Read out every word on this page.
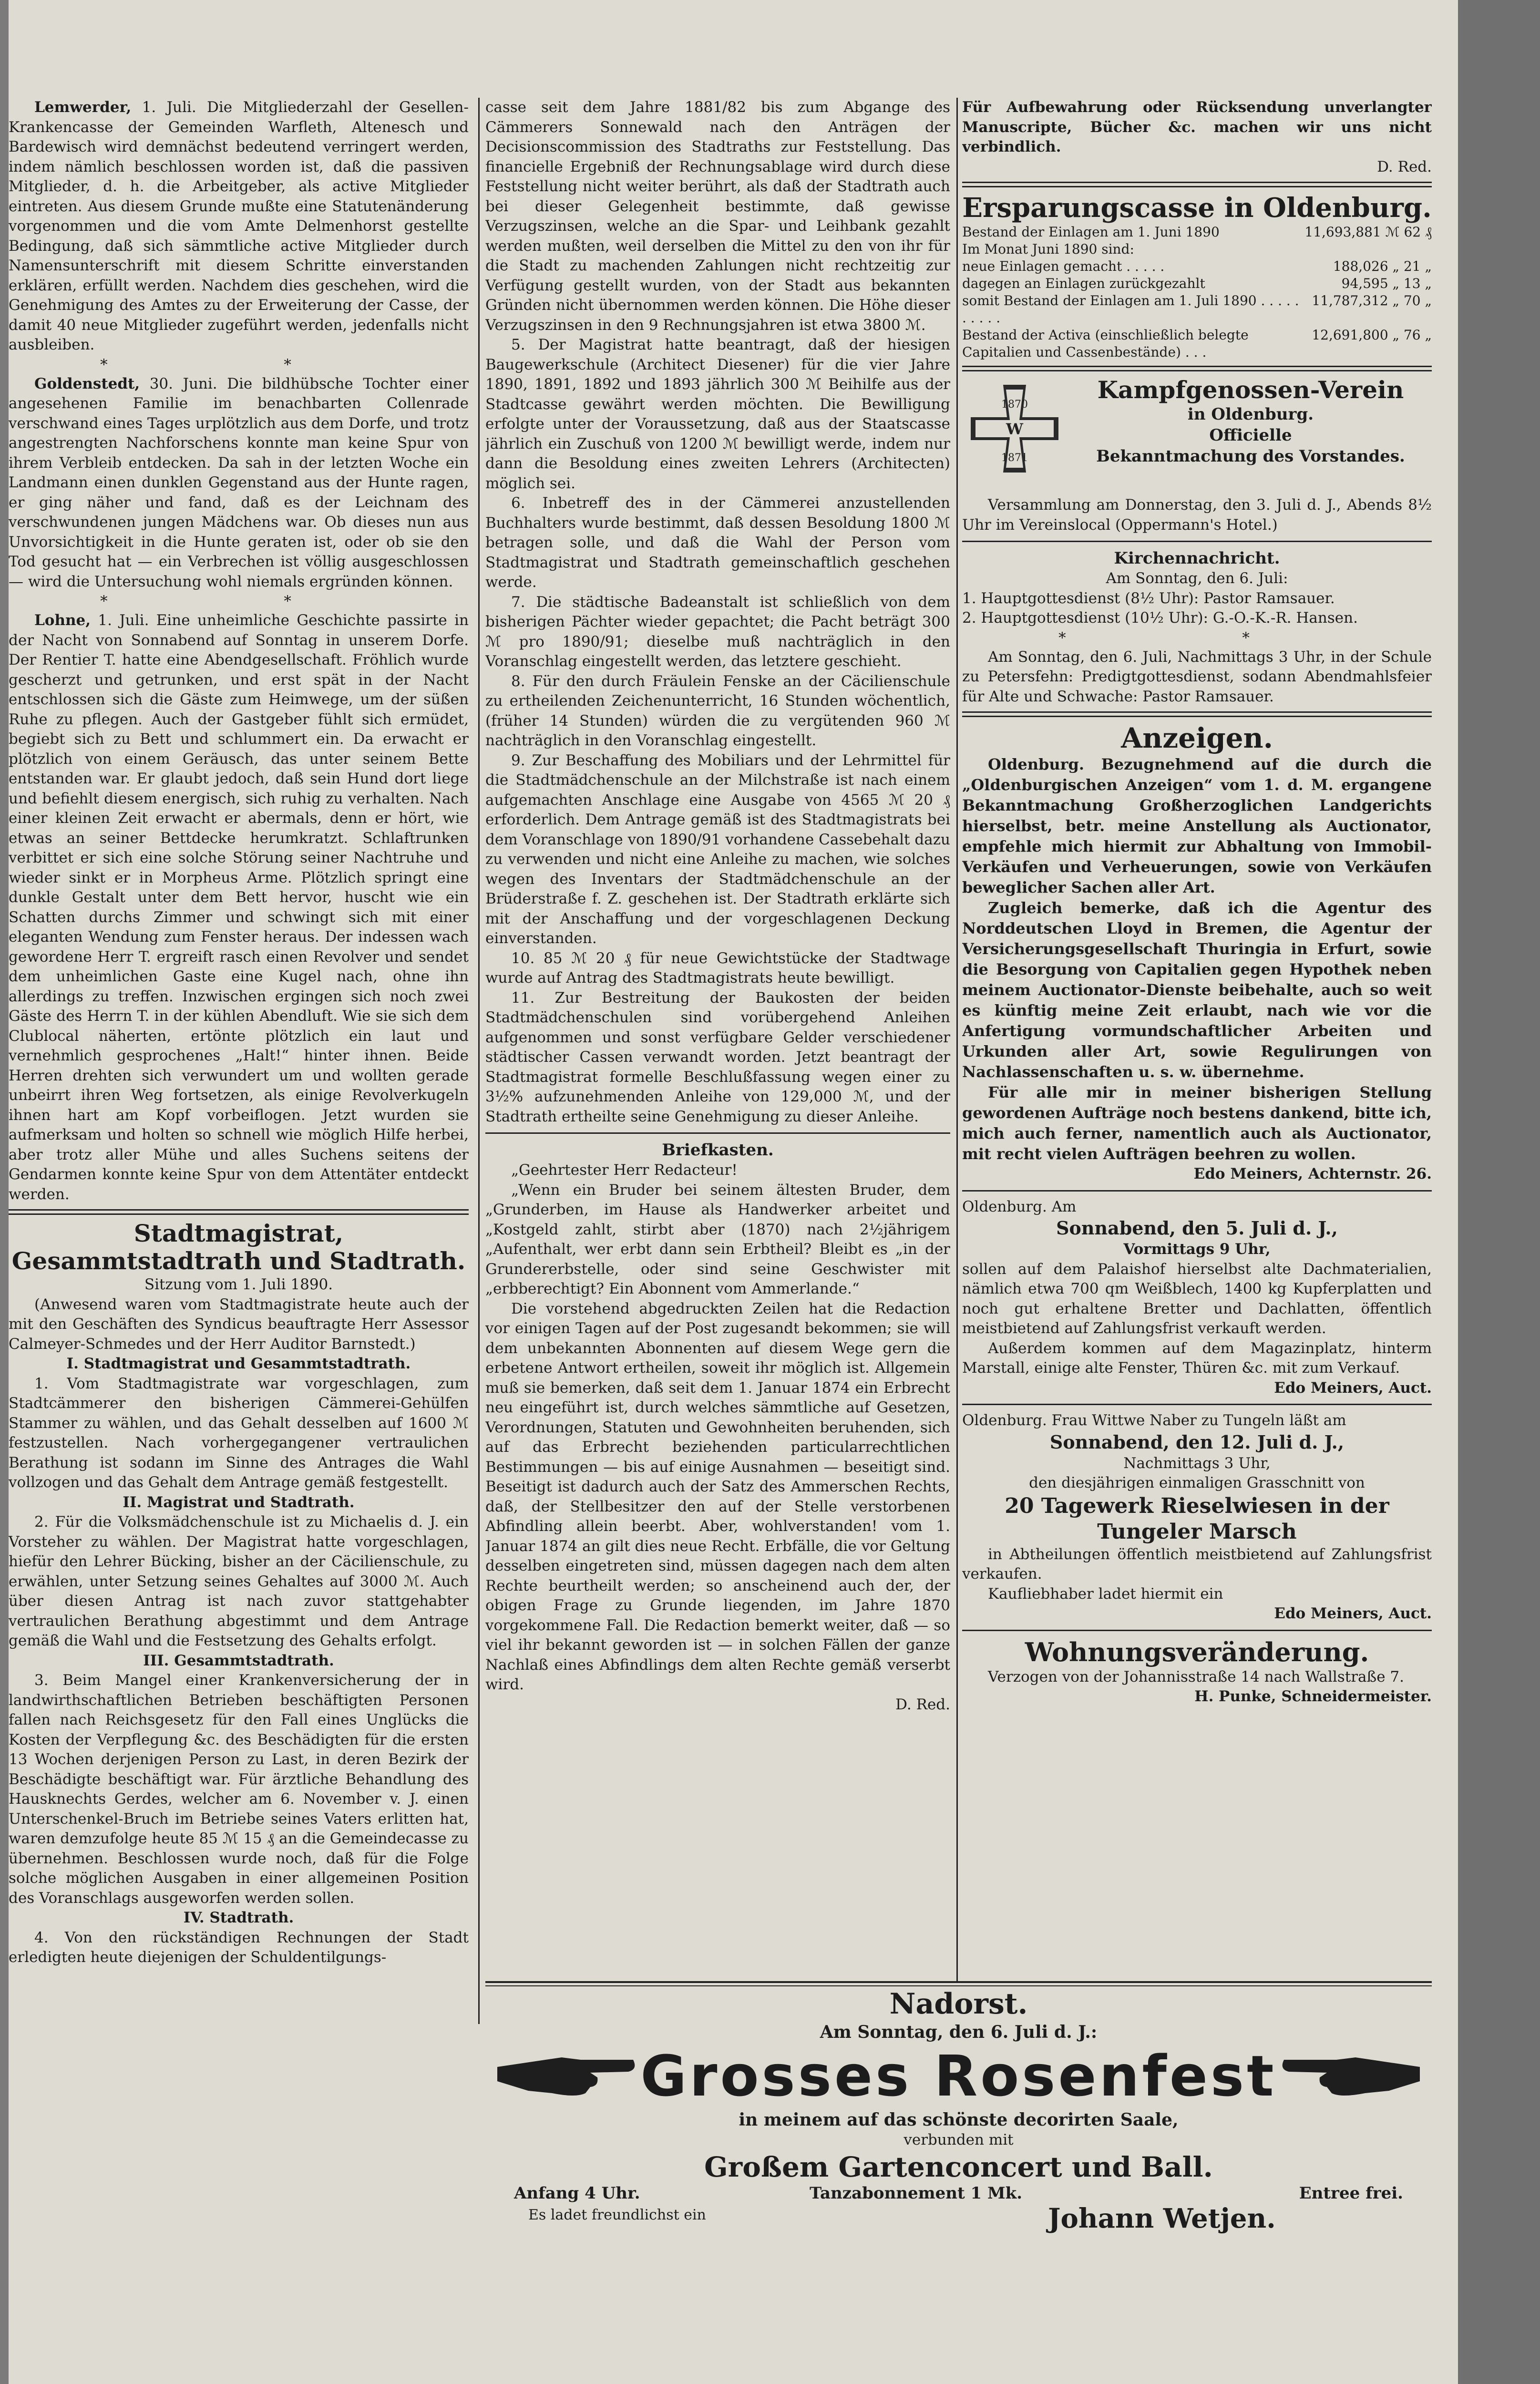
Lemwerder, 1. Juli. Die Mitgliederzahl der Gesellen-Krankencasse der Gemeinden Warfleth, Altenesch und Bardewisch wird demnächst bedeutend verringert werden, indem nämlich beschlossen worden ist, daß die passiven Mitglieder, d. h. die Arbeitgeber, als active Mitglieder eintreten. Aus diesem Grunde mußte eine Statutenänderung vorgenommen und die vom Amte Delmenhorst gestellte Bedingung, daß sich sämmtliche active Mitglieder durch Namensunterschrift mit diesem Schritte einverstanden erklären, erfüllt werden. Nachdem dies geschehen, wird die Genehmigung des Amtes zu der Erweiterung der Casse, der damit 40 neue Mitglieder zugeführt werden, jedenfalls nicht ausbleiben.

* *

Goldenstedt, 30. Juni. Die bildhübsche Tochter einer angesehenen Familie im benachbarten Collenrade verschwand eines Tages urplötzlich aus dem Dorfe, und trotz angestrengten Nachforschens konnte man keine Spur von ihrem Verbleib entdecken. Da sah in der letzten Woche ein Landmann einen dunklen Gegenstand aus der Hunte ragen, er ging näher und fand, daß es der Leichnam des verschwundenen jungen Mädchens war. Ob dieses nun aus Unvorsichtigkeit in die Hunte geraten ist, oder ob sie den Tod gesucht hat — ein Verbrechen ist völlig ausgeschlossen — wird die Untersuchung wohl niemals ergründen können.

* *

Lohne, 1. Juli. Eine unheimliche Geschichte passirte in der Nacht von Sonnabend auf Sonntag in unserem Dorfe. Der Rentier T. hatte eine Abendgesellschaft. Fröhlich wurde gescherzt und getrunken, und erst spät in der Nacht entschlossen sich die Gäste zum Heimwege, um der süßen Ruhe zu pflegen. Auch der Gastgeber fühlt sich ermüdet, begiebt sich zu Bett und schlummert ein. Da erwacht er plötzlich von einem Geräusch, das unter seinem Bette entstanden war. Er glaubt jedoch, daß sein Hund dort liege und befiehlt diesem energisch, sich ruhig zu verhalten. Nach einer kleinen Zeit erwacht er abermals, denn er hört, wie etwas an seiner Bettdecke herumkratzt. Schlaftrunken verbittet er sich eine solche Störung seiner Nachtruhe und wieder sinkt er in Morpheus Arme. Plötzlich springt eine dunkle Gestalt unter dem Bett hervor, huscht wie ein Schatten durchs Zimmer und schwingt sich mit einer eleganten Wendung zum Fenster heraus. Der indessen wach gewordene Herr T. ergreift rasch einen Revolver und sendet dem unheimlichen Gaste eine Kugel nach, ohne ihn allerdings zu treffen. Inzwischen ergingen sich noch zwei Gäste des Herrn T. in der kühlen Abendluft. Wie sie sich dem Clublocal näherten, ertönte plötzlich ein laut und vernehmlich gesprochenes „Halt!“ hinter ihnen. Beide Herren drehten sich verwundert um und wollten gerade unbeirrt ihren Weg fortsetzen, als einige Revolverkugeln ihnen hart am Kopf vorbeiflogen. Jetzt wurden sie aufmerksam und holten so schnell wie möglich Hilfe herbei, aber trotz aller Mühe und alles Suchens seitens der Gendarmen konnte keine Spur von dem Attentäter entdeckt werden.

Stadtmagistrat, Gesammtstadtrath und Stadtrath.

Sitzung vom 1. Juli 1890.

(Anwesend waren vom Stadtmagistrate heute auch der mit den Geschäften des Syndicus beauftragte Herr Assessor Calmeyer-Schmedes und der Herr Auditor Barnstedt.)

I. Stadtmagistrat und Gesammtstadtrath.

1. Vom Stadtmagistrate war vorgeschlagen, zum Stadtcämmerer den bisherigen Cämmerei-Gehülfen Stammer zu wählen, und das Gehalt desselben auf 1600 ℳ festzustellen. Nach vorhergegangener vertraulichen Berathung ist sodann im Sinne des Antrages die Wahl vollzogen und das Gehalt dem Antrage gemäß festgestellt.

II. Magistrat und Stadtrath.

2. Für die Volksmädchenschule ist zu Michaelis d. J. ein Vorsteher zu wählen. Der Magistrat hatte vorgeschlagen, hiefür den Lehrer Bücking, bisher an der Cäcilienschule, zu erwählen, unter Setzung seines Gehaltes auf 3000 ℳ. Auch über diesen Antrag ist nach zuvor stattgehabter vertraulichen Berathung abgestimmt und dem Antrage gemäß die Wahl und die Festsetzung des Gehalts erfolgt.

III. Gesammtstadtrath.

3. Beim Mangel einer Krankenversicherung der in landwirthschaftlichen Betrieben beschäftigten Personen fallen nach Reichsgesetz für den Fall eines Unglücks die Kosten der Verpflegung &c. des Beschädigten für die ersten 13 Wochen derjenigen Person zu Last, in deren Bezirk der Beschädigte beschäftigt war. Für ärztliche Behandlung des Hausknechts Gerdes, welcher am 6. November v. J. einen Unterschenkel-Bruch im Betriebe seines Vaters erlitten hat, waren demzufolge heute 85 ℳ 15 ₰ an die Gemeindecasse zu übernehmen. Beschlossen wurde noch, daß für die Folge solche möglichen Ausgaben in einer allgemeinen Position des Voranschlags ausgeworfen werden sollen.

IV. Stadtrath.

4. Von den rückständigen Rechnungen der Stadt erledigten heute diejenigen der Schuldentilgungs-

casse seit dem Jahre 1881/82 bis zum Abgange des Cämmerers Sonnewald nach den Anträgen der Decisionscommission des Stadtraths zur Feststellung. Das financielle Ergebniß der Rechnungsablage wird durch diese Feststellung nicht weiter berührt, als daß der Stadtrath auch bei dieser Gelegenheit bestimmte, daß gewisse Verzugszinsen, welche an die Spar- und Leihbank gezahlt werden mußten, weil derselben die Mittel zu den von ihr für die Stadt zu machenden Zahlungen nicht rechtzeitig zur Verfügung gestellt wurden, von der Stadt aus bekannten Gründen nicht übernommen werden können. Die Höhe dieser Verzugszinsen in den 9 Rechnungsjahren ist etwa 3800 ℳ.

5. Der Magistrat hatte beantragt, daß der hiesigen Baugewerkschule (Architect Diesener) für die vier Jahre 1890, 1891, 1892 und 1893 jährlich 300 ℳ Beihilfe aus der Stadtcasse gewährt werden möchten. Die Bewilligung erfolgte unter der Voraussetzung, daß aus der Staatscasse jährlich ein Zuschuß von 1200 ℳ bewilligt werde, indem nur dann die Besoldung eines zweiten Lehrers (Architecten) möglich sei.

6. Inbetreff des in der Cämmerei anzustellenden Buchhalters wurde bestimmt, daß dessen Besoldung 1800 ℳ betragen solle, und daß die Wahl der Person vom Stadtmagistrat und Stadtrath gemeinschaftlich geschehen werde.

7. Die städtische Badeanstalt ist schließlich von dem bisherigen Pächter wieder gepachtet; die Pacht beträgt 300 ℳ pro 1890/91; dieselbe muß nachträglich in den Voranschlag eingestellt werden, das letztere geschieht.

8. Für den durch Fräulein Fenske an der Cäcilienschule zu ertheilenden Zeichenunterricht, 16 Stunden wöchentlich, (früher 14 Stunden) würden die zu vergütenden 960 ℳ nachträglich in den Voranschlag eingestellt.

9. Zur Beschaffung des Mobiliars und der Lehrmittel für die Stadtmädchenschule an der Milchstraße ist nach einem aufgemachten Anschlage eine Ausgabe von 4565 ℳ 20 ₰ erforderlich. Dem Antrage gemäß ist des Stadtmagistrats bei dem Voranschlage von 1890/91 vorhandene Cassebehalt dazu zu verwenden und nicht eine Anleihe zu machen, wie solches wegen des Inventars der Stadtmädchenschule an der Brüderstraße f. Z. geschehen ist. Der Stadtrath erklärte sich mit der Anschaffung und der vorgeschlagenen Deckung einverstanden.

10. 85 ℳ 20 ₰ für neue Gewichtstücke der Stadtwage wurde auf Antrag des Stadtmagistrats heute bewilligt.

11. Zur Bestreitung der Baukosten der beiden Stadtmädchenschulen sind vorübergehend Anleihen aufgenommen und sonst verfügbare Gelder verschiedener städtischer Cassen verwandt worden. Jetzt beantragt der Stadtmagistrat formelle Beschlußfassung wegen einer zu 3½% aufzunehmenden Anleihe von 129,000 ℳ, und der Stadtrath ertheilte seine Genehmigung zu dieser Anleihe.

Briefkasten.

„Geehrtester Herr Redacteur!

„Wenn ein Bruder bei seinem ältesten Bruder, dem „Grunderben, im Hause als Handwerker arbeitet und „Kostgeld zahlt, stirbt aber (1870) nach 2½jährigem „Aufenthalt, wer erbt dann sein Erbtheil? Bleibt es „in der Grundererbstelle, oder sind seine Geschwister mit „erbberechtigt? Ein Abonnent vom Ammerlande.“

Die vorstehend abgedruckten Zeilen hat die Redaction vor einigen Tagen auf der Post zugesandt bekommen; sie will dem unbekannten Abonnenten auf diesem Wege gern die erbetene Antwort ertheilen, soweit ihr möglich ist. Allgemein muß sie bemerken, daß seit dem 1. Januar 1874 ein Erbrecht neu eingeführt ist, durch welches sämmtliche auf Gesetzen, Verordnungen, Statuten und Gewohnheiten beruhenden, sich auf das Erbrecht beziehenden particularrechtlichen Bestimmungen — bis auf einige Ausnahmen — beseitigt sind. Beseitigt ist dadurch auch der Satz des Ammerschen Rechts, daß, der Stellbesitzer den auf der Stelle verstorbenen Abfindling allein beerbt. Aber, wohlverstanden! vom 1. Januar 1874 an gilt dies neue Recht. Erbfälle, die vor Geltung desselben eingetreten sind, müssen dagegen nach dem alten Rechte beurtheilt werden; so anscheinend auch der, der obigen Frage zu Grunde liegenden, im Jahre 1870 vorgekommene Fall. Die Redaction bemerkt weiter, daß — so viel ihr bekannt geworden ist — in solchen Fällen der ganze Nachlaß eines Abfindlings dem alten Rechte gemäß verserbt wird.

D. Red.

Für Aufbewahrung oder Rücksendung unverlangter Manuscripte, Bücher &c. machen wir uns nicht verbindlich.

D. Red.

Ersparungscasse in Oldenburg.
Bestand der Einlagen am 1. Juni 1890	11,693,881 ℳ 62 ₰
Im Monat Juni 1890 sind:	
neue Einlagen gemacht . . . . .	188,026 „ 21 „
dagegen an Einlagen zurückgezahlt	94,595 „ 13 „
somit Bestand der Einlagen am 1. Juli 1890 . . . . . . . . . .	11,787,312 „ 70 „
Bestand der Activa (einschließlich belegte Capitalien und Cassenbestände) . . .	12,691,800 „ 76 „
1870
W
1871
Kampfgenossen-Verein
in Oldenburg.
Officielle
Bekanntmachung des Vorstandes.

Versammlung am Donnerstag, den 3. Juli d. J., Abends 8½ Uhr im Vereinslocal (Oppermann's Hotel.)

Kirchennachricht.

Am Sonntag, den 6. Juli:

1. Hauptgottesdienst (8½ Uhr): Pastor Ramsauer.

2. Hauptgottesdienst (10½ Uhr): G.-O.-K.-R. Hansen.

* *

Am Sonntag, den 6. Juli, Nachmittags 3 Uhr, in der Schule zu Petersfehn: Predigtgottesdienst, sodann Abendmahlsfeier für Alte und Schwache: Pastor Ramsauer.

Anzeigen.

Oldenburg. Bezugnehmend auf die durch die „Oldenburgischen Anzeigen“ vom 1. d. M. ergangene Bekanntmachung Großherzoglichen Landgerichts hierselbst, betr. meine Anstellung als Auctionator, empfehle mich hiermit zur Abhaltung von Immobil-Verkäufen und Verheuerungen, sowie von Verkäufen beweglicher Sachen aller Art.

Zugleich bemerke, daß ich die Agentur des Norddeutschen Lloyd in Bremen, die Agentur der Versicherungsgesellschaft Thuringia in Erfurt, sowie die Besorgung von Capitalien gegen Hypothek neben meinem Auctionator-Dienste beibehalte, auch so weit es künftig meine Zeit erlaubt, nach wie vor die Anfertigung vormundschaftlicher Arbeiten und Urkunden aller Art, sowie Regulirungen von Nachlassenschaften u. s. w. übernehme.

Für alle mir in meiner bisherigen Stellung gewordenen Aufträge noch bestens dankend, bitte ich, mich auch ferner, namentlich auch als Auctionator, mit recht vielen Aufträgen beehren zu wollen.

Edo Meiners, Achternstr. 26.

Oldenburg. Am

Sonnabend, den 5. Juli d. J.,

Vormittags 9 Uhr,

sollen auf dem Palaishof hierselbst alte Dachmaterialien, nämlich etwa 700 qm Weißblech, 1400 kg Kupferplatten und noch gut erhaltene Bretter und Dachlatten, öffentlich meistbietend auf Zahlungsfrist verkauft werden.

Außerdem kommen auf dem Magazinplatz, hinterm Marstall, einige alte Fenster, Thüren &c. mit zum Verkauf.

Edo Meiners, Auct.

Oldenburg. Frau Wittwe Naber zu Tungeln läßt am

Sonnabend, den 12. Juli d. J.,

Nachmittags 3 Uhr,

den diesjährigen einmaligen Grasschnitt von

20 Tagewerk Rieselwiesen in der

Tungeler Marsch

in Abtheilungen öffentlich meistbietend auf Zahlungsfrist verkaufen.

Kaufliebhaber ladet hiermit ein

Edo Meiners, Auct.

Wohnungsveränderung.

Verzogen von der Johannisstraße 14 nach Wallstraße 7.

H. Punke, Schneidermeister.

Nadorst.
Am Sonntag, den 6. Juli d. J.:
Grosses Rosenfest
in meinem auf das schönste decorirten Saale,
verbunden mit
Großem Gartenconcert und Ball.
Anfang 4 Uhr.	Tanzabonnement 1 Mk.	Entree frei.
Es ladet freundlichst ein	Johann Wetjen.
